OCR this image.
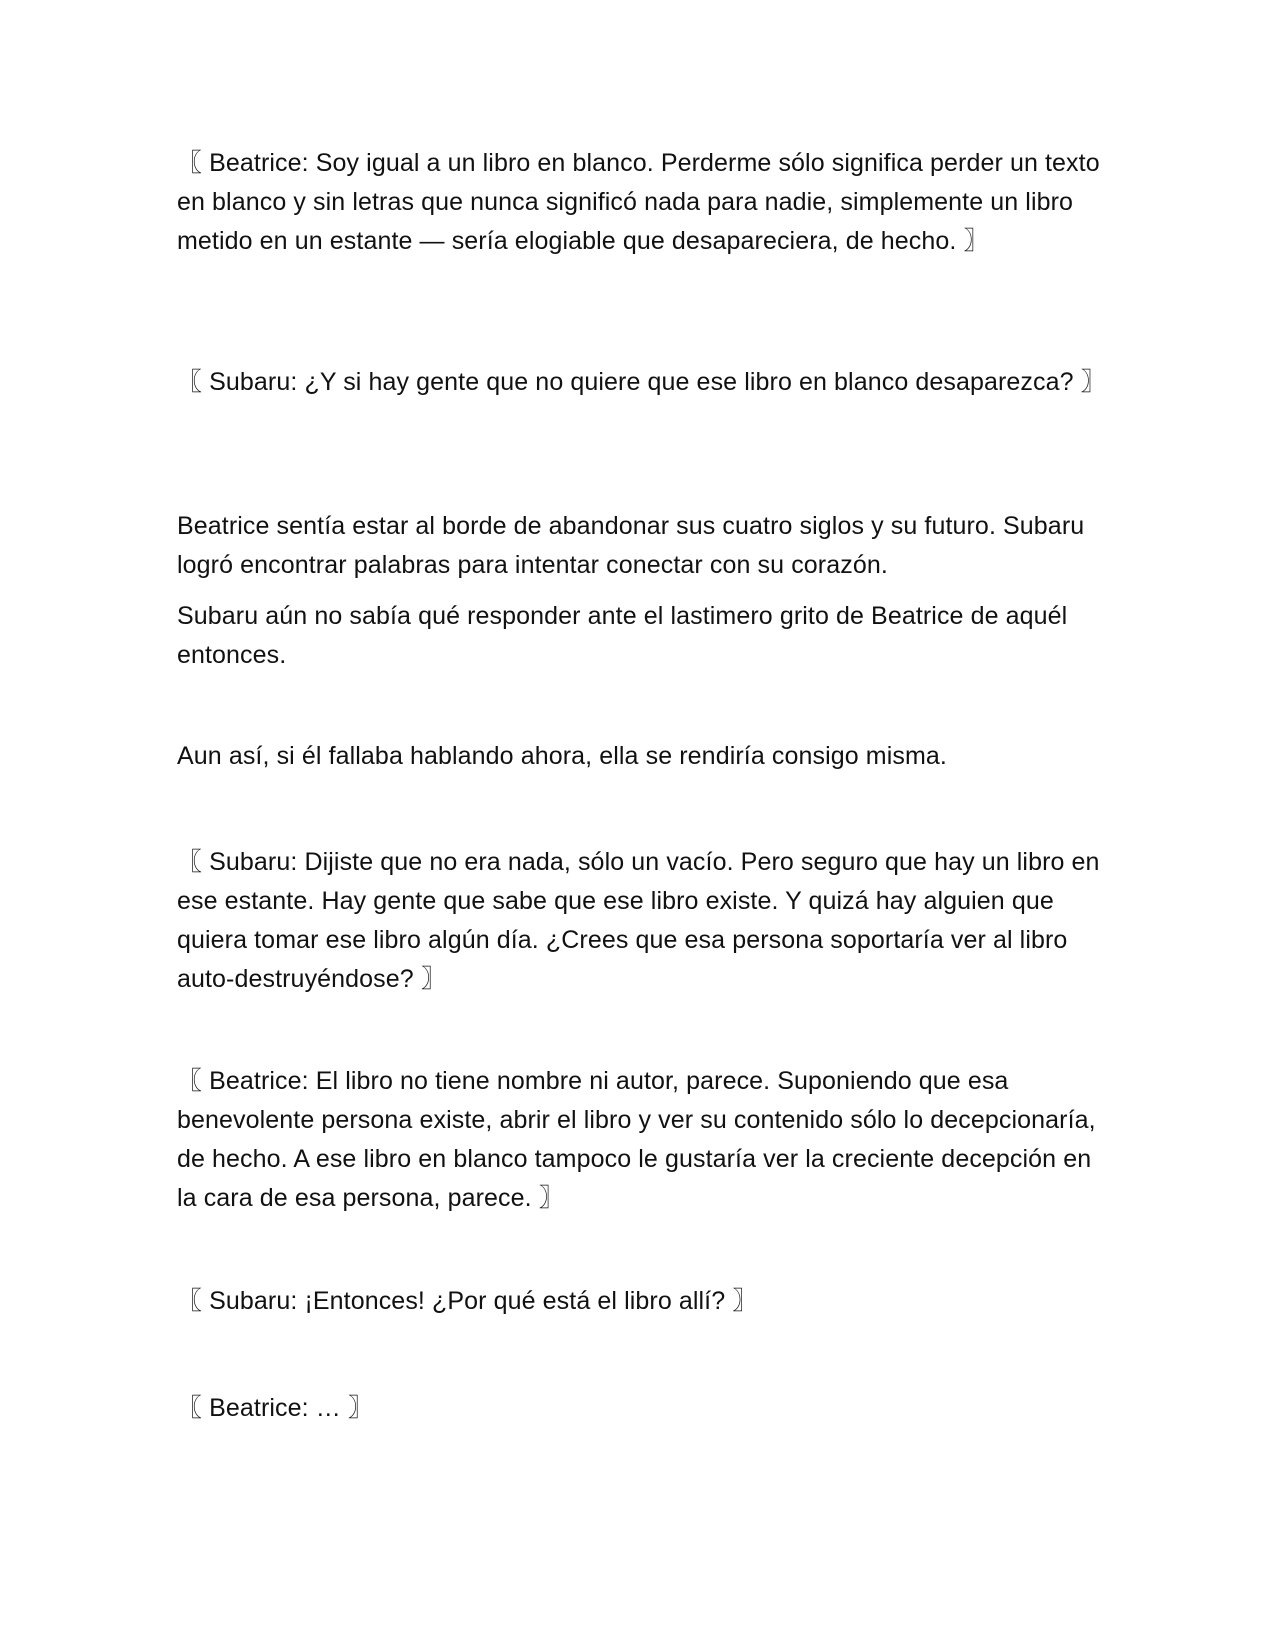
〖 Beatrice: Soy igual a un libro en blanco. Perderme sólo significa perder un texto en blanco y sin letras que nunca significó nada para nadie, simplemente un libro metido en un estante — sería elogiable que desapareciera, de hecho. 〗

〖 Subaru: ¿Y si hay gente que no quiere que ese libro en blanco desaparezca? 〗

Beatrice sentía estar al borde de abandonar sus cuatro siglos y su futuro. Subaru logró encontrar palabras para intentar conectar con su corazón.

Subaru aún no sabía qué responder ante el lastimero grito de Beatrice de aquél entonces.

Aun así, si él fallaba hablando ahora, ella se rendiría consigo misma.

〖 Subaru: Dijiste que no era nada, sólo un vacío. Pero seguro que hay un libro en ese estante. Hay gente que sabe que ese libro existe. Y quizá hay alguien que quiera tomar ese libro algún día. ¿Crees que esa persona soportaría ver al libro auto-destruyéndose? 〗

〖 Beatrice: El libro no tiene nombre ni autor, parece. Suponiendo que esa benevolente persona existe, abrir el libro y ver su contenido sólo lo decepcionaría, de hecho. A ese libro en blanco tampoco le gustaría ver la creciente decepción en la cara de esa persona, parece. 〗

〖 Subaru: ¡Entonces! ¿Por qué está el libro allí? 〗

〖 Beatrice: … 〗
